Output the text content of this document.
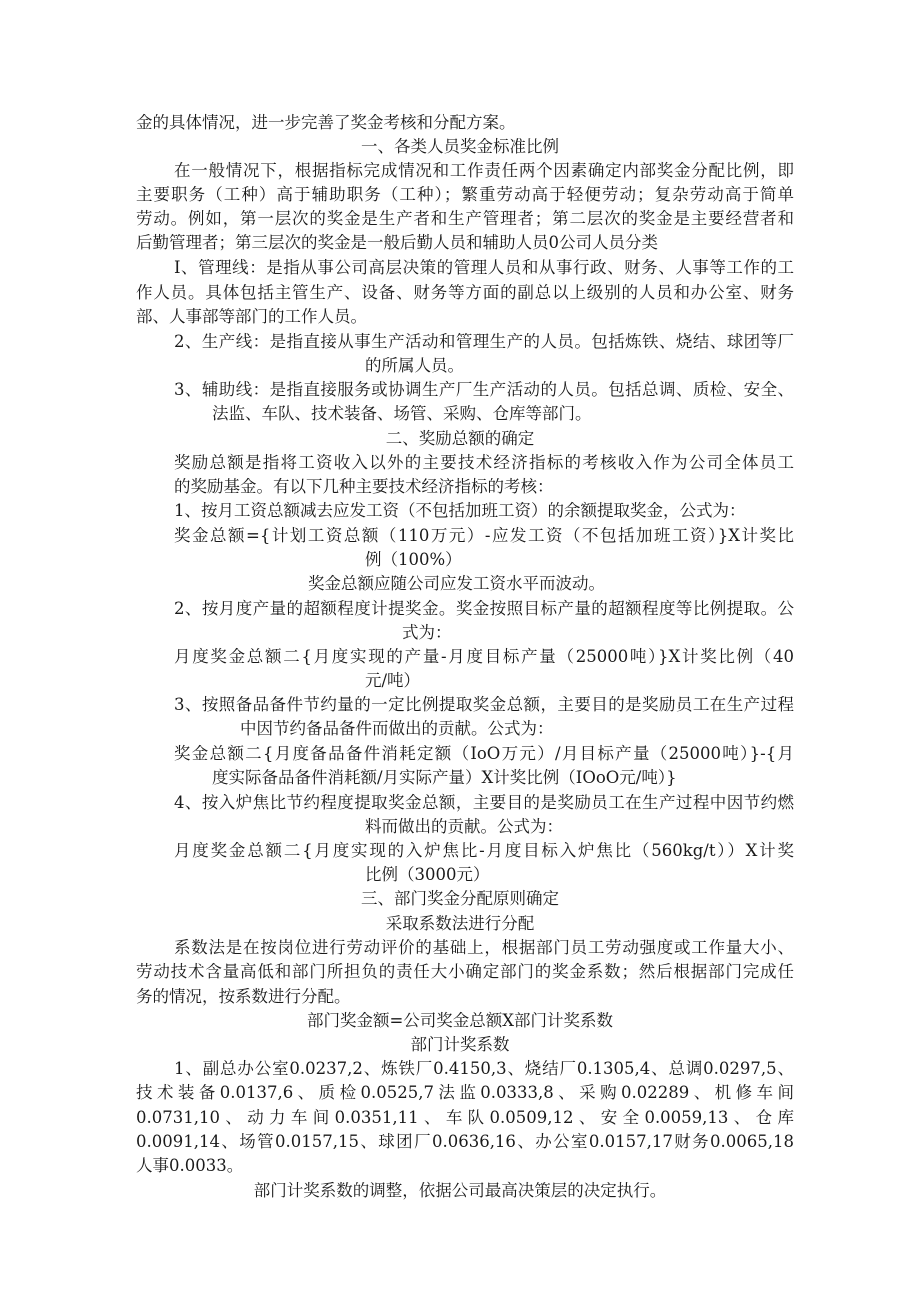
金的具体情况，进一步完善了奖金考核和分配方案。

一、各类人员奖金标准比例

在一般情况下，根据指标完成情况和工作责任两个因素确定内部奖金分配比例，即

主要职务（工种）高于辅助职务（工种）；繁重劳动高于轻便劳动；复杂劳动高于简单

劳动。例如，第一层次的奖金是生产者和生产管理者；第二层次的奖金是主要经营者和

后勤管理者；第三层次的奖金是一般后勤人员和辅助人员0公司人员分类

I、管理线：是指从事公司高层决策的管理人员和从事行政、财务、人事等工作的工

作人员。具体包括主管生产、设备、财务等方面的副总以上级别的人员和办公室、财务

部、人事部等部门的工作人员。

2、生产线：是指直接从事生产活动和管理生产的人员。包括炼铁、烧结、球团等厂

的所属人员。

3、辅助线：是指直接服务或协调生产厂生产活动的人员。包括总调、质检、安全、

法监、车队、技术装备、场管、采购、仓库等部门。

二、奖励总额的确定

奖励总额是指将工资收入以外的主要技术经济指标的考核收入作为公司全体员工

的奖励基金。有以下几种主要技术经济指标的考核：

1、按月工资总额减去应发工资（不包括加班工资）的余额提取奖金，公式为：

奖金总额={计划工资总额（110万元）-应发工资（不包括加班工资）}X计奖比

例（100%）

奖金总额应随公司应发工资水平而波动。

2、按月度产量的超额程度计提奖金。奖金按照目标产量的超额程度等比例提取。公

式为：

月度奖金总额二{月度实现的产量-月度目标产量（25000吨）}X计奖比例（40

元/吨）

3、按照备品备件节约量的一定比例提取奖金总额，主要目的是奖励员工在生产过程

中因节约备品备件而做出的贡献。公式为：

奖金总额二{月度备品备件消耗定额（IoO万元）/月目标产量（25000吨）}-{月

度实际备品备件消耗额/月实际产量）X计奖比例（IOoO元/吨）}

4、按入炉焦比节约程度提取奖金总额，主要目的是奖励员工在生产过程中因节约燃

料而做出的贡献。公式为：

月度奖金总额二{月度实现的入炉焦比-月度目标入炉焦比（560kg/t））X计奖

比例（3000元）

三、部门奖金分配原则确定

采取系数法进行分配

系数法是在按岗位进行劳动评价的基础上，根据部门员工劳动强度或工作量大小、

劳动技术含量高低和部门所担负的责任大小确定部门的奖金系数；然后根据部门完成任

务的情况，按系数进行分配。

部门奖金额=公司奖金总额X部门计奖系数

部门计奖系数

1、副总办公室0.0237,2、炼铁厂0.4150,3、烧结厂0.1305,4、总调0.0297,5、

技术装备0.0137,6、质检0.0525,7法监0.0333,8、采购0.02289、机修车间

0.0731,10、动力车间0.0351,11、车队0.0509,12、安全0.0059,13、仓库

0.0091,14、场管0.0157,15、球团厂0.0636,16、办公室0.0157,17财务0.0065,18

人事0.0033。

部门计奖系数的调整，依据公司最高决策层的决定执行。
